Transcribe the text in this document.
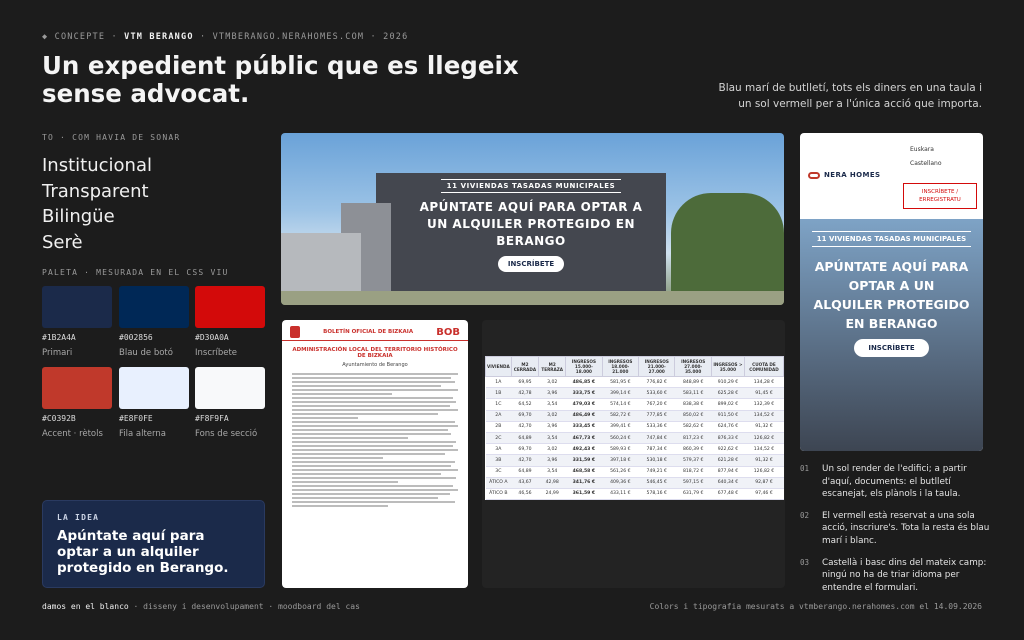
◆ CONCEPTE · VTM BERANGO · VTMBERANGO.NERAHOMES.COM · 2026
Un expedient públic que es llegeix sense advocat.	Blau marí de butlletí, tots els diners en una taula i un sol vermell per a l'única acció que importa.

TO · COM HAVIA DE SONAR
Institucional
Transparent
Bilingüe
Serè
PALETA · MESURADA EN EL CSS VIU
#1B2A4A
Primari
#002856
Blau de botó
#D30A0A
Inscríbete
#C0392B
Accent · rètols
#E8F0FE
Fila alterna
#F8F9FA
Fons de secció
LA IDEA
Apúntate aquí para optar a un alquiler protegido en Berango.
11 VIVIENDAS TASADAS MUNICIPALES
APÚNTATE AQUÍ PARA OPTAR A UN ALQUILER PROTEGIDO EN BERANGO
INSCRÍBETE
BOLETÍN OFICIAL DE BIZKAIA BOB
ADMINISTRACIÓN LOCAL DEL TERRITORIO HISTÓRICO DE BIZKAIA
Ayuntamiento de Berango	VIVIENDA	M2 CERRADA	M2 TERRAZA	INGRESOS 15.000-18.000	INGRESOS 18.000-21.000	INGRESOS 21.000-27.000	INGRESOS 27.000-35.000	INGRESOS > 35.000	CUOTA DE COMUNIDAD
1A	69,95	3,02	486,85 €	581,95 €	776,82 €	848,89 €	910,29 €	134,28 €
1B	42,78	3,96	333,75 €	399,14 €	533,60 €	583,11 €	625,28 €	91,45 €
1C	64,52	3,54	479,03 €	574,14 €	767,20 €	838,38 €	899,02 €	132,39 €
2A	69,70	3,02	486,49 €	582,72 €	777,85 €	850,02 €	911,50 €	134,52 €
2B	42,70	3,96	333,45 €	399,41 €	533,36 €	582,62 €	624,76 €	91,32 €
2C	64,89	3,54	467,73 €	560,24 €	747,84 €	817,23 €	876,33 €	126,82 €
3A	69,70	3,02	492,43 €	589,93 €	787,34 €	860,39 €	922,62 €	134,52 €
3B	42,70	3,96	331,59 €	397,18 €	530,18 €	579,37 €	621,28 €	91,32 €
3C	64,89	3,54	468,58 €	561,26 €	749,21 €	818,72 €	877,94 €	126,82 €
ÁTICO A	43,67	42,98	341,76 €	409,36 €	546,45 €	597,15 €	640,34 €	92,87 €
ÁTICO B	46,56	24,99	361,59 €	433,11 €	578,16 €	631,79 €	677,48 €	97,46 €
Euskara
Castellano
NERA HOMES
INSCRÍBETE / ERREGISTRATU
11 VIVIENDAS TASADAS MUNICIPALES
APÚNTATE AQUÍ PARA OPTAR A UN ALQUILER PROTEGIDO EN BERANGO
INSCRÍBETE
01 Un sol render de l'edifici; a partir d'aquí, documents: el butlletí escanejat, els plànols i la taula.
02 El vermell està reservat a una sola acció, inscriure's. Tota la resta és blau marí i blanc.
03 Castellà i basc dins del mateix camp: ningú no ha de triar idioma per entendre el formulari.
damos en el blanco · disseny i desenvolupament · moodboard del cas	Colors i tipografia mesurats a vtmberango.nerahomes.com el 14.09.2026
